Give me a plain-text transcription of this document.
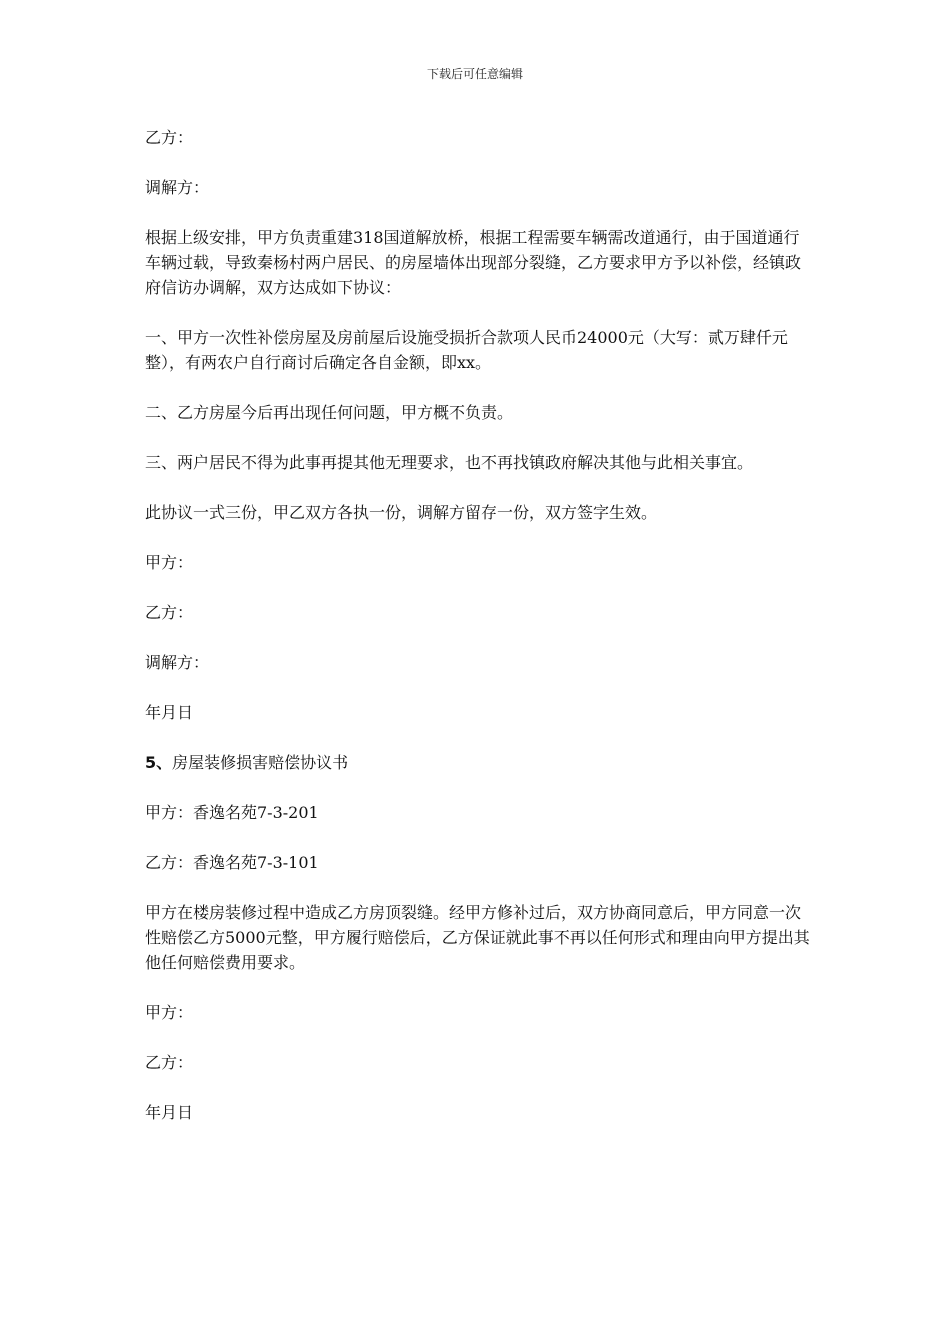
下载后可任意编辑

乙方：

调解方：

根据上级安排，甲方负责重建318国道解放桥，根据工程需要车辆需改道通行，由于国道通行车辆过载，导致秦杨村两户居民、的房屋墙体出现部分裂缝，乙方要求甲方予以补偿，经镇政府信访办调解，双方达成如下协议：

一、甲方一次性补偿房屋及房前屋后设施受损折合款项人民币24000元（大写：贰万肆仟元整），有两农户自行商讨后确定各自金额，即xx。

二、乙方房屋今后再出现任何问题，甲方概不负责。

三、两户居民不得为此事再提其他无理要求，也不再找镇政府解决其他与此相关事宜。

此协议一式三份，甲乙双方各执一份，调解方留存一份，双方签字生效。

甲方：

乙方：

调解方：

年月日

5、房屋装修损害赔偿协议书

甲方：香逸名苑7-3-201

乙方：香逸名苑7-3-101

甲方在楼房装修过程中造成乙方房顶裂缝。经甲方修补过后，双方协商同意后，甲方同意一次性赔偿乙方5000元整，甲方履行赔偿后，乙方保证就此事不再以任何形式和理由向甲方提出其他任何赔偿费用要求。

甲方：

乙方：

年月日
